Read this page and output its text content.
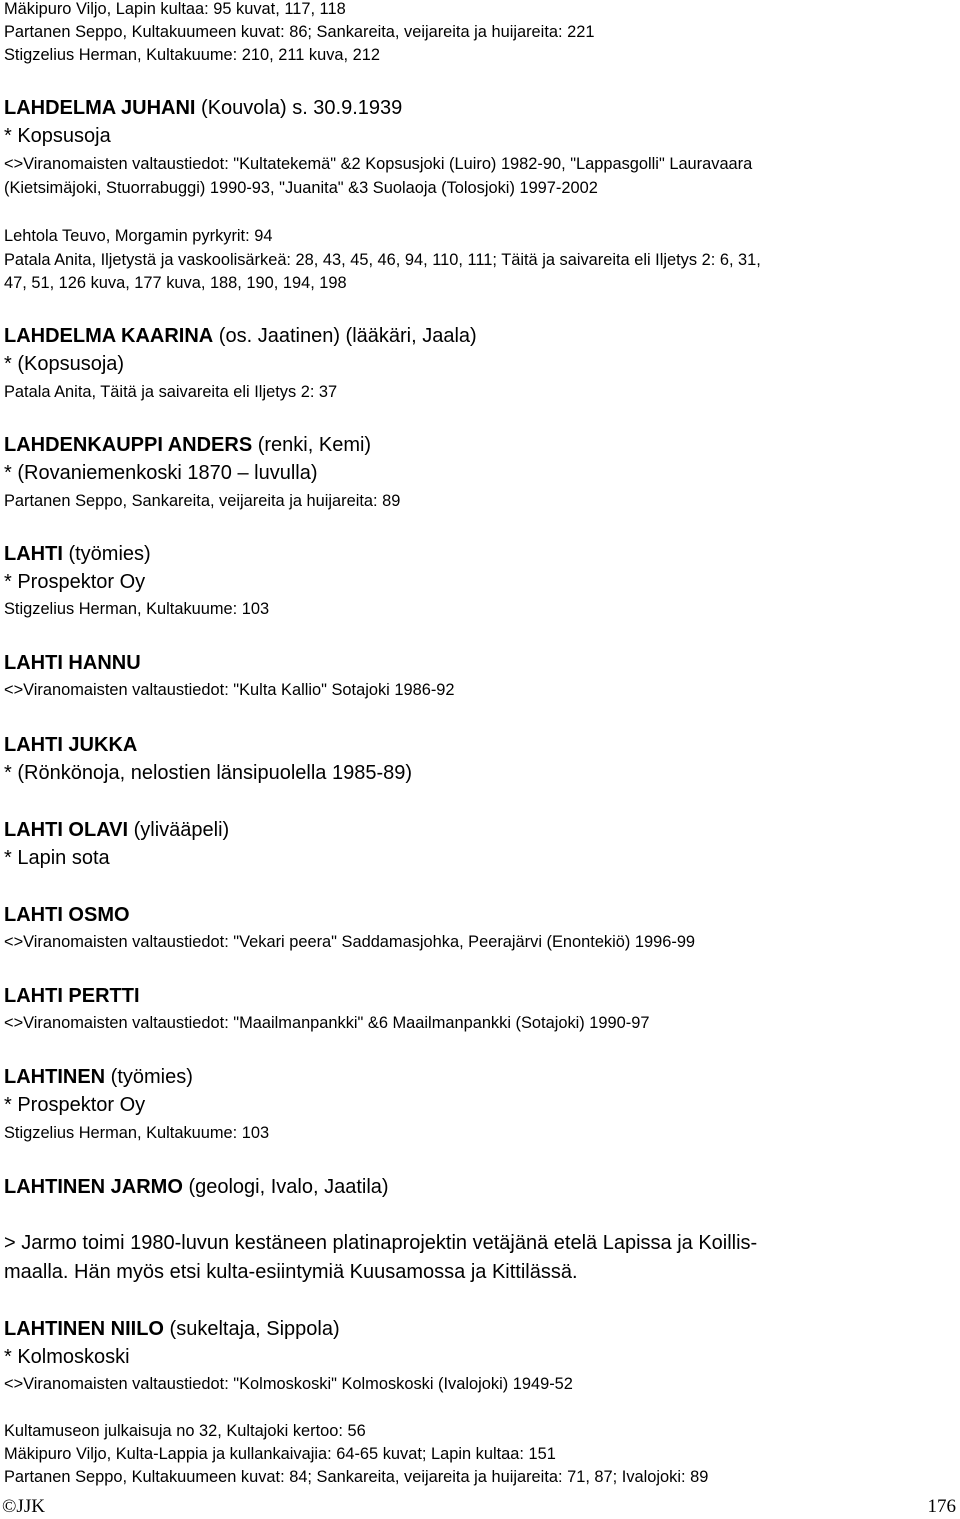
Mäkipuro Viljo, Lapin kultaa: 95 kuvat, 117, 118
Partanen Seppo, Kultakuumeen kuvat: 86; Sankareita, veijareita ja huijareita: 221
Stigzelius Herman, Kultakuume: 210, 211 kuva, 212
LAHDELMA JUHANI (Kouvola) s. 30.9.1939
* Kopsusoja
<>Viranomaisten valtaustiedot: "Kultatekemä" &2 Kopsusjoki (Luiro) 1982-90, "Lappasgolli" Lauravaara
(Kietsimäjoki, Stuorrabuggi) 1990-93, "Juanita" &3 Suolaoja (Tolosjoki) 1997-2002
Lehtola Teuvo, Morgamin pyrkyrit: 94
Patala Anita, Iljetystä ja vaskoolisärkeä: 28, 43, 45, 46, 94, 110, 111; Täitä ja saivareita eli Iljetys 2: 6, 31,
47, 51, 126 kuva, 177 kuva, 188, 190, 194, 198
LAHDELMA KAARINA (os. Jaatinen) (lääkäri, Jaala)
* (Kopsusoja)
Patala Anita, Täitä ja saivareita eli Iljetys 2: 37
LAHDENKAUPPI ANDERS (renki, Kemi)
* (Rovaniemenkoski 1870 – luvulla)
Partanen Seppo, Sankareita, veijareita ja huijareita: 89
LAHTI (työmies)
* Prospektor Oy
Stigzelius Herman, Kultakuume: 103
LAHTI HANNU
<>Viranomaisten valtaustiedot: "Kulta Kallio" Sotajoki 1986-92
LAHTI JUKKA
* (Rönkönoja, nelostien länsipuolella 1985-89)
LAHTI OLAVI (ylivääpeli)
* Lapin sota
LAHTI OSMO
<>Viranomaisten valtaustiedot: "Vekari peera" Saddamasjohka, Peerajärvi (Enontekiö) 1996-99
LAHTI PERTTI
<>Viranomaisten valtaustiedot: "Maailmanpankki" &6 Maailmanpankki (Sotajoki) 1990-97
LAHTINEN (työmies)
* Prospektor Oy
Stigzelius Herman, Kultakuume: 103
LAHTINEN JARMO (geologi, Ivalo, Jaatila)
> Jarmo toimi 1980-luvun kestäneen platinaprojektin vetäjänä etelä Lapissa ja Koillis-
maalla. Hän myös etsi kulta-esiintymiä Kuusamossa ja Kittilässä.
LAHTINEN NIILO (sukeltaja, Sippola)
* Kolmoskoski
<>Viranomaisten valtaustiedot: "Kolmoskoski" Kolmoskoski (Ivalojoki) 1949-52
Kultamuseon julkaisuja no 32, Kultajoki kertoo: 56
Mäkipuro Viljo, Kulta-Lappia ja kullankaivajia: 64-65 kuvat; Lapin kultaa: 151
Partanen Seppo, Kultakuumeen kuvat: 84; Sankareita, veijareita ja huijareita: 71, 87; Ivalojoki: 89
©JJK	176
